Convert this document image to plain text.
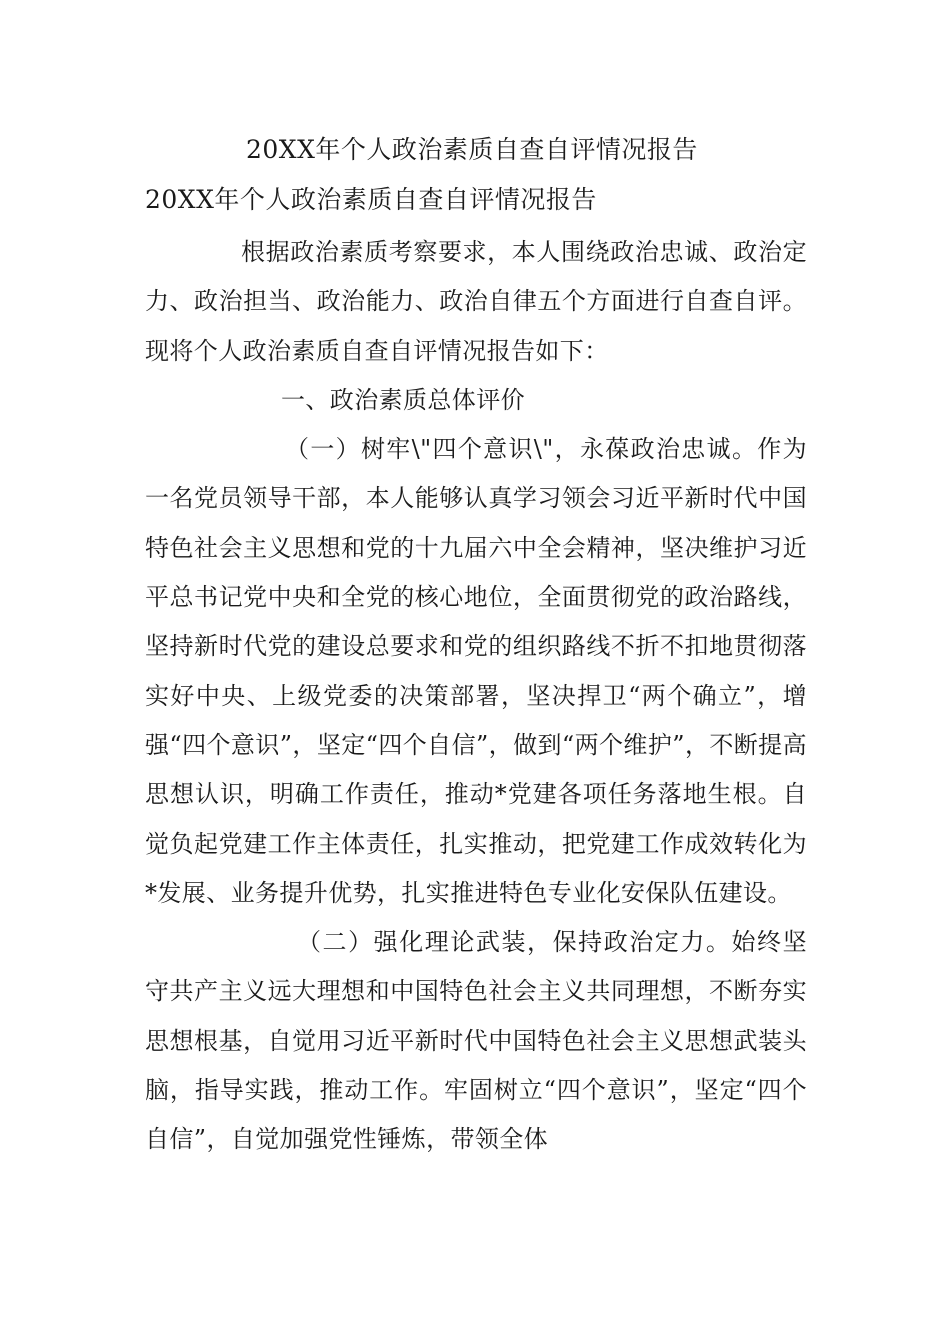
20XX年个人政治素质自查自评情况报告
20XX年个人政治素质自查自评情况报告

根据政治素质考察要求，本人围绕政治忠诚、政治定力、政治担当、政治能力、政治自律五个方面进行自查自评。现将个人政治素质自查自评情况报告如下：

一、政治素质总体评价

（一）树牢\"四个意识\"，永葆政治忠诚。作为一名党员领导干部，本人能够认真学习领会习近平新时代中国特色社会主义思想和党的十九届六中全会精神，坚决维护习近平总书记党中央和全党的核心地位，全面贯彻党的政治路线，坚持新时代党的建设总要求和党的组织路线不折不扣地贯彻落实好中央、上级党委的决策部署，坚决捍卫“两个确立”，增强“四个意识”，坚定“四个自信”，做到“两个维护”，不断提高思想认识，明确工作责任，推动*党建各项任务落地生根。自觉负起党建工作主体责任，扎实推动，把党建工作成效转化为*发展、业务提升优势，扎实推进特色专业化安保队伍建设。

（二）强化理论武装，保持政治定力。始终坚守共产主义远大理想和中国特色社会主义共同理想，不断夯实思想根基，自觉用习近平新时代中国特色社会主义思想武装头脑，指导实践，推动工作。牢固树立“四个意识”，坚定“四个自信”，自觉加强党性锤炼，带领全体
